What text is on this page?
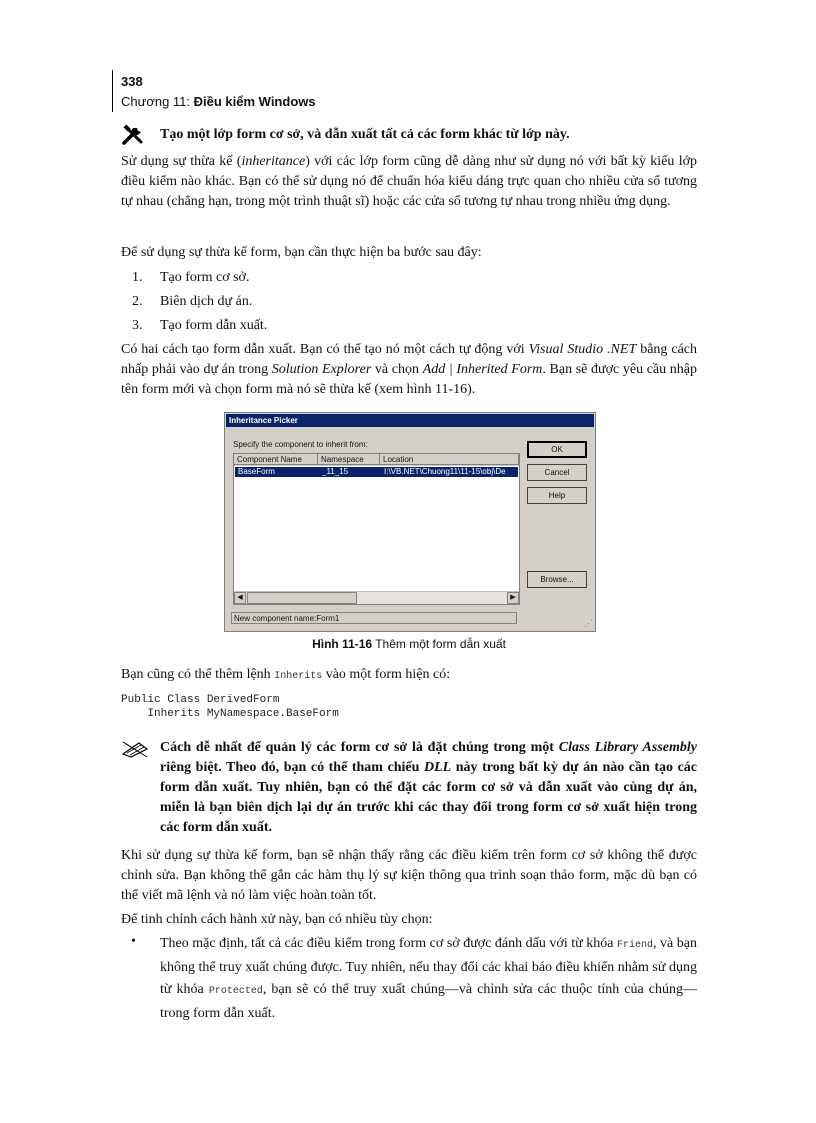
338
Chương 11: Điều kiểm Windows
Tạo một lớp form cơ sở, và dẫn xuất tất cả các form khác từ lớp này.
Sử dụng sự thừa kế (inheritance) với các lớp form cũng dễ dàng như sử dụng nó với bất kỳ kiểu lớp điều kiểm nào khác. Bạn có thể sử dụng nó để chuẩn hóa kiểu dáng trực quan cho nhiều cửa sổ tương tự nhau (chẳng hạn, trong một trình thuật sĩ) hoặc các cửa sổ tương tự nhau trong nhiều ứng dụng.
Để sử dụng sự thừa kế form, bạn cần thực hiện ba bước sau đây:
1.	Tạo form cơ sở.
2.	Biên dịch dự án.
3.	Tạo form dẫn xuất.
Có hai cách tạo form dẫn xuất. Bạn có thể tạo nó một cách tự động với Visual Studio .NET bằng cách nhấp phải vào dự án trong Solution Explorer và chọn Add | Inherited Form. Bạn sẽ được yêu cầu nhập tên form mới và chọn form mà nó sẽ thừa kế (xem hình 11-16).
Inheritance Picker
Specify the component to inherit from:
Component Name	Namespace	Location
BaseForm	_11_15	I:\VB.NET\Chuong11\11-15\obj\De
◀	▶
OK
Cancel
Help
Browse...
New component name:Form1	⋰
Hình 11-16 Thêm một form dẫn xuất
Bạn cũng có thể thêm lệnh Inherits vào một form hiện có:
Public Class DerivedForm
Inherits MyNamespace.BaseForm
Cách dễ nhất để quản lý các form cơ sở là đặt chúng trong một Class Library Assembly riêng biệt. Theo đó, bạn có thể tham chiếu DLL này trong bất kỳ dự án nào cần tạo các form dẫn xuất. Tuy nhiên, bạn có thể đặt các form cơ sở và dẫn xuất vào cùng dự án, miễn là bạn biên dịch lại dự án trước khi các thay đổi trong form cơ sở xuất hiện trong các form dẫn xuất.
Khi sử dụng sự thừa kế form, bạn sẽ nhận thấy rằng các điều kiểm trên form cơ sở không thể được chỉnh sửa. Bạn không thể gắn các hàm thụ lý sự kiện thông qua trình soạn thảo form, mặc dù bạn có thể viết mã lệnh và nó làm việc hoàn toàn tốt.
Để tinh chỉnh cách hành xử này, bạn có nhiều tùy chọn:
• Theo mặc định, tất cả các điều kiểm trong form cơ sở được đánh dấu với từ khóa Friend, và bạn không thể truy xuất chúng được. Tuy nhiên, nếu thay đổi các khai báo điều khiển nhằm sử dụng từ khóa Protected, bạn sẽ có thể truy xuất chúng—và chỉnh sửa các thuộc tính của chúng—trong form dẫn xuất.
